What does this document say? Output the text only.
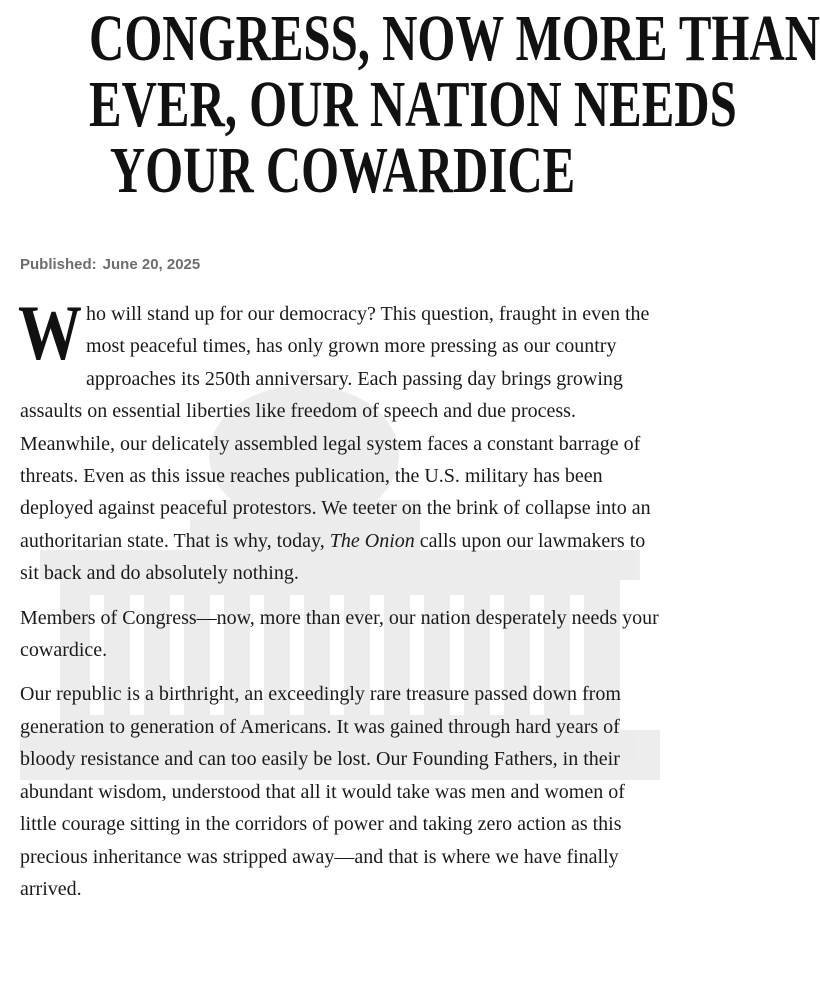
CONGRESS, NOW MORE THAN
EVER, OUR NATION NEEDS
YOUR COWARDICE
Published: June 20, 2025

Who will stand up for our democracy? This question, fraught in even the most peaceful times, has only grown more pressing as our country approaches its 250th anniversary. Each passing day brings growing assaults on essential liberties like freedom of speech and due process. Meanwhile, our delicately assembled legal system faces a constant barrage of threats. Even as this issue reaches publication, the U.S. military has been deployed against peaceful protestors. We teeter on the brink of collapse into an authoritarian state. That is why, today, The Onion calls upon our lawmakers to sit back and do absolutely nothing.

Members of Congress—now, more than ever, our nation desperately needs your cowardice.

Our republic is a birthright, an exceedingly rare treasure passed down from generation to generation of Americans. It was gained through hard years of bloody resistance and can too easily be lost. Our Founding Fathers, in their abundant wisdom, understood that all it would take was men and women of little courage sitting in the corridors of power and taking zero action as this precious inheritance was stripped away—and that is where we have finally arrived.
